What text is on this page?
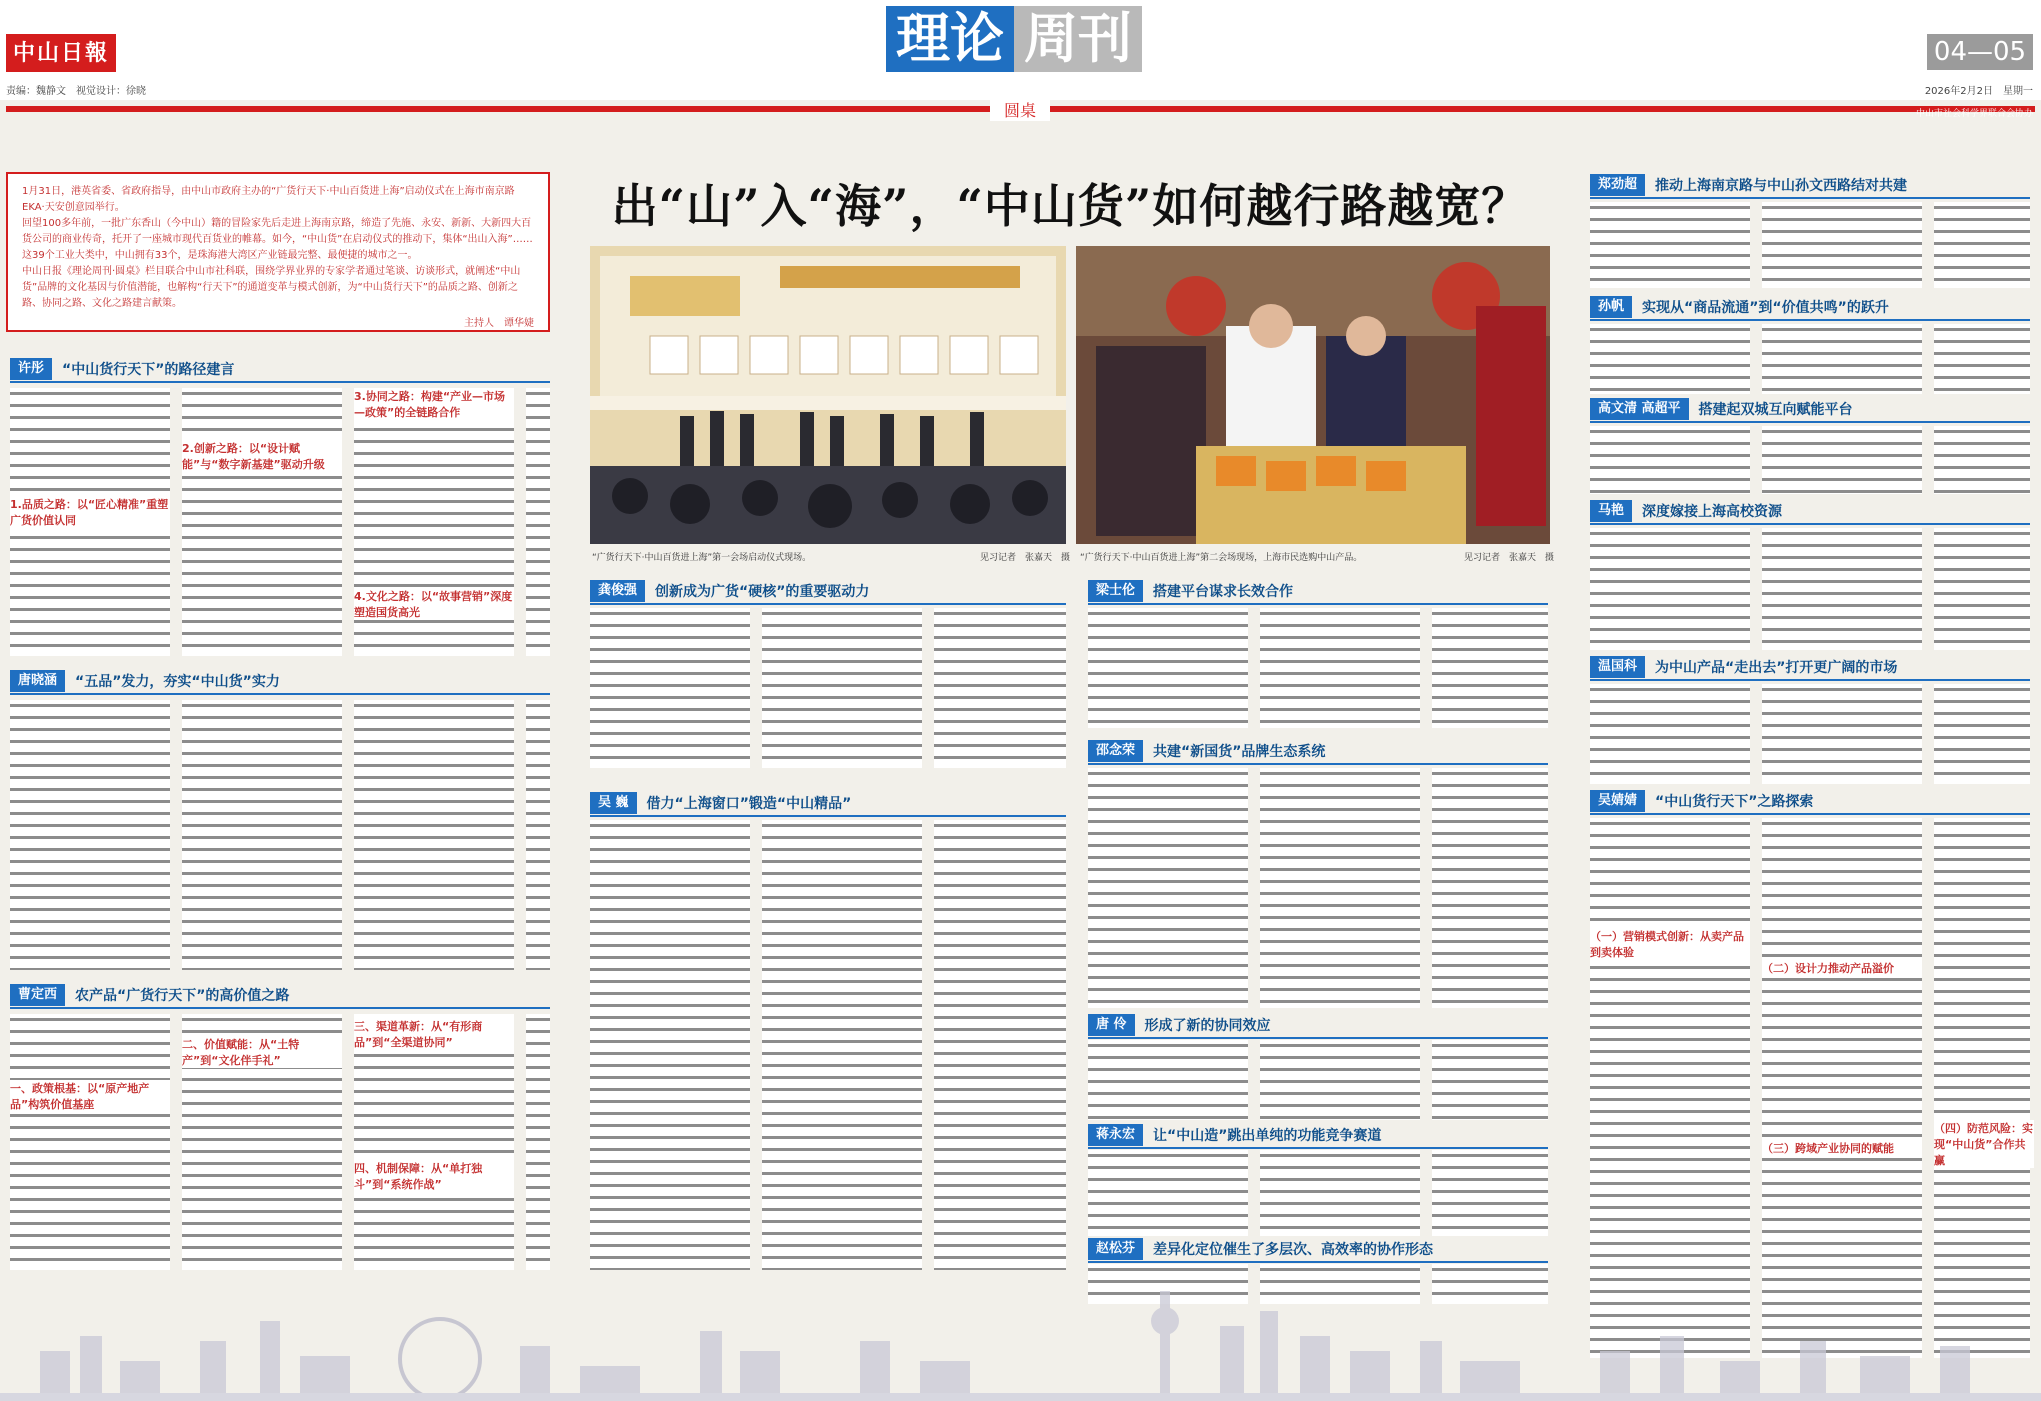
中山日報
责编：魏静文　视觉设计：徐晓
理论 周刊	04—05
2026年2月2日　星期一
圆桌	中山市社会科学界联合会协办

1月31日，港英省委、省政府指导，由中山市政府主办的“广货行天下·中山百货进上海”启动仪式在上海市南京路EKA·天安创意园举行。

回望100多年前，一批广东香山（今中山）籍的冒险家先后走进上海南京路，缔造了先施、永安、新新、大新四大百货公司的商业传奇，托开了一座城市现代百货业的帷幕。如今，“中山货”在启动仪式的推动下，集体“出山入海”……这39个工业大类中，中山拥有33个，是珠海港大湾区产业链最完整、最便捷的城市之一。

中山日报《理论周刊·圆桌》栏目联合中山市社科联，围绕学界业界的专家学者通过笔谈、访谈形式，就阐述“中山货”品牌的文化基因与价值潜能，也解构“行天下”的通道变革与模式创新，为“中山货行天下”的品质之路、创新之路、协同之路、文化之路建言献策。

主持人　谭华婕
出“山”入“海”，“中山货”如何越行路越宽？
“广货行天下·中山百货进上海”第一会场启动仪式现场。	见习记者　张嘉天　摄 “广货行天下·中山百货进上海”第二会场现场，上海市民选购中山产品。	见习记者　张嘉天　摄
许彤	“中山货行天下”的路径建言
1.品质之路：以“匠心精准”重塑广货价值认同
2.创新之路：以“设计赋能”与“数字新基建”驱动升级
3.协同之路：构建“产业—市场—政策”的全链路合作
4.文化之路：以“故事营销”深度塑造国货高光
唐晓涵	“五品”发力，夯实“中山货”实力
曹定西	农产品“广货行天下”的高价值之路
一、政策根基：以“原产地产品”构筑价值基座
二、价值赋能：从“土特产”到“文化伴手礼”
三、渠道革新：从“有形商品”到“全渠道协同”
四、机制保障：从“单打独斗”到“系统作战”
龚俊强	创新成为广货“硬核”的重要驱动力
吴 巍	借力“上海窗口”锻造“中山精品”
梁士伦	搭建平台谋求长效合作
邵念荣	共建“新国货”品牌生态系统
唐 伶	形成了新的协同效应
蒋永宏	让“中山造”跳出单纯的功能竞争赛道
赵松芬	差异化定位催生了多层次、高效率的协作形态
郑劲超	推动上海南京路与中山孙文西路结对共建
孙帆	实现从“商品流通”到“价值共鸣”的跃升
高文清 高超平	搭建起双城互向赋能平台
马艳	深度嫁接上海高校资源
温国科	为中山产品“走出去”打开更广阔的市场
吴婧婧	“中山货行天下”之路探索
（一）营销模式创新：从卖产品到卖体验
（二）设计力推动产品溢价
（三）跨域产业协同的赋能
（四）防范风险：实现“中山货”合作共赢
